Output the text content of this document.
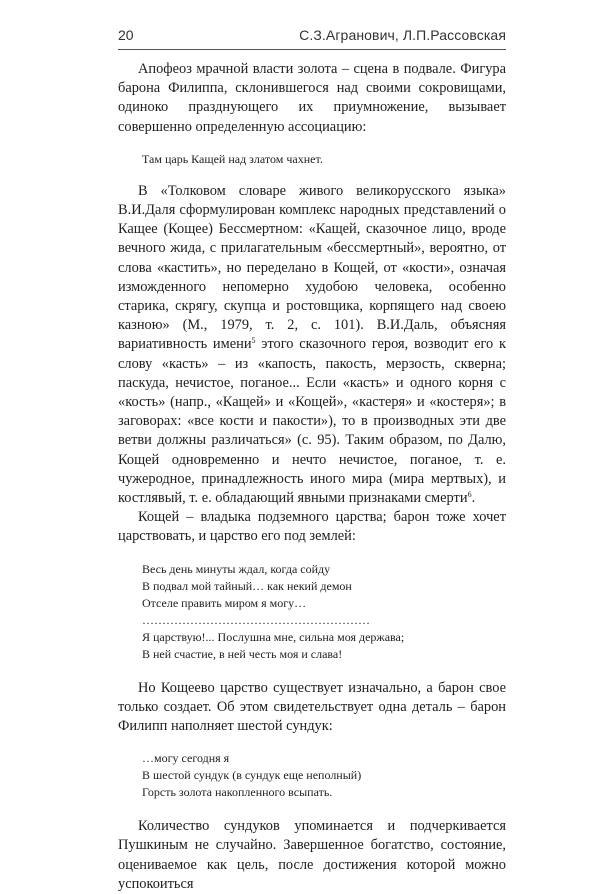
20	С.З.Агранович, Л.П.Рассовская

Апофеоз мрачной власти золота – сцена в подвале. Фигура барона Филиппа, склонившегося над своими сокровищами, одиноко празднующего их приумножение, вызывает совершенно определенную ассоциацию:

Там царь Кащей над златом чахнет.

В «Толковом словаре живого великорусского языка» В.И.Даля сформулирован комплекс народных представлений о Кащее (Кощее) Бессмертном: «Кащей, сказочное лицо, вроде вечного жида, с прилагательным «бессмертный», вероятно, от слова «кастить», но переделано в Кощей, от «кости», означая изможденного непомерно худобою человека, особенно старика, скрягу, скупца и ростовщика, корпящего над своею казною» (М., 1979, т. 2, с. 101). В.И.Даль, объясняя вариативность имени$^5$ этого сказочного героя, возводит его к слову «касть» – из «капость, пакость, мерзость, скверна; паскуда, нечистое, поганое... Если «касть» и одного корня с «кость» (напр., «Кащей» и «Кощей», «кастеря» и «костеря»; в заговорах: «все кости и пакости»), то в производных эти две ветви должны различаться» (с. 95). Таким образом, по Далю, Кощей одновременно и нечто нечистое, поганое, т. е. чужеродное, принадлежность иного мира (мира мертвых), и костлявый, т. е. обладающий явными признаками смерти$^6$.

Кощей – владыка подземного царства; барон тоже хочет царствовать, и царство его под землей:

Весь день минуты ждал, когда сойду
В подвал мой тайный… как некий демон
Отселе править миром я могу…
…………………………………………………
Я царствую!... Послушна мне, сильна моя держава;
В ней счастие, в ней честь моя и слава!

Но Кощеево царство существует изначально, а барон свое только создает. Об этом свидетельствует одна деталь – барон Филипп наполняет шестой сундук:

…могу сегодня я
В шестой сундук (в сундук еще неполный)
Горсть золота накопленного всыпать.

Количество сундуков упоминается и подчеркивается Пушкиным не случайно. Завершенное богатство, состояние, оцениваемое как цель, после достижения которой можно успокоиться
